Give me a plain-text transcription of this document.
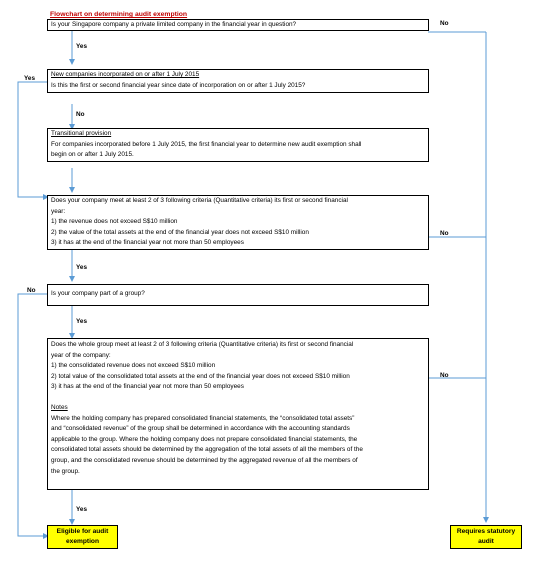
Flowchart on determining audit exemption
Is your Singapore company a private limited company in the financial year in question?
Yes
No
Yes
New companies incorporated on or after 1 July 2015
Is this the first or second financial year since date of incorporation on or after 1 July 2015?
No
Transitional provision
For companies incorporated before 1 July 2015, the first financial year to determine new audit exemption shall
begin on or after 1 July 2015.
Does your company meet at least 2 of 3 following criteria (Quantitative criteria) its first or second financial
year:
1) the revenue does not exceed S$10 million
2) the value of the total assets at the end of the financial year does not exceed S$10 million
3) it has at the end of the financial year not more than 50 employees
No
Yes
No Is your company part of a group?
Yes
Does the whole group meet at least 2 of 3 following criteria (Quantitative criteria) its first or second financial
year of the company:
1) the consolidated revenue does not exceed S$10 million
2) total value of the consolidated total assets at the end of the financial year does not exceed S$10 million
3) it has at the end of the financial year not more than 50 employees
Notes
Where the holding company has prepared consolidated financial statements, the “consolidated total assets”
and “consolidated revenue” of the group shall be determined in accordance with the accounting standards
applicable to the group. Where the holding company does not prepare consolidated financial statements, the
consolidated total assets should be determined by the aggregation of the total assets of all the members of the
group, and the consolidated revenue should be determined by the aggregated revenue of all the members of
the group.
No
Yes
Eligible for audit
exemption
Requires statutory
audit
